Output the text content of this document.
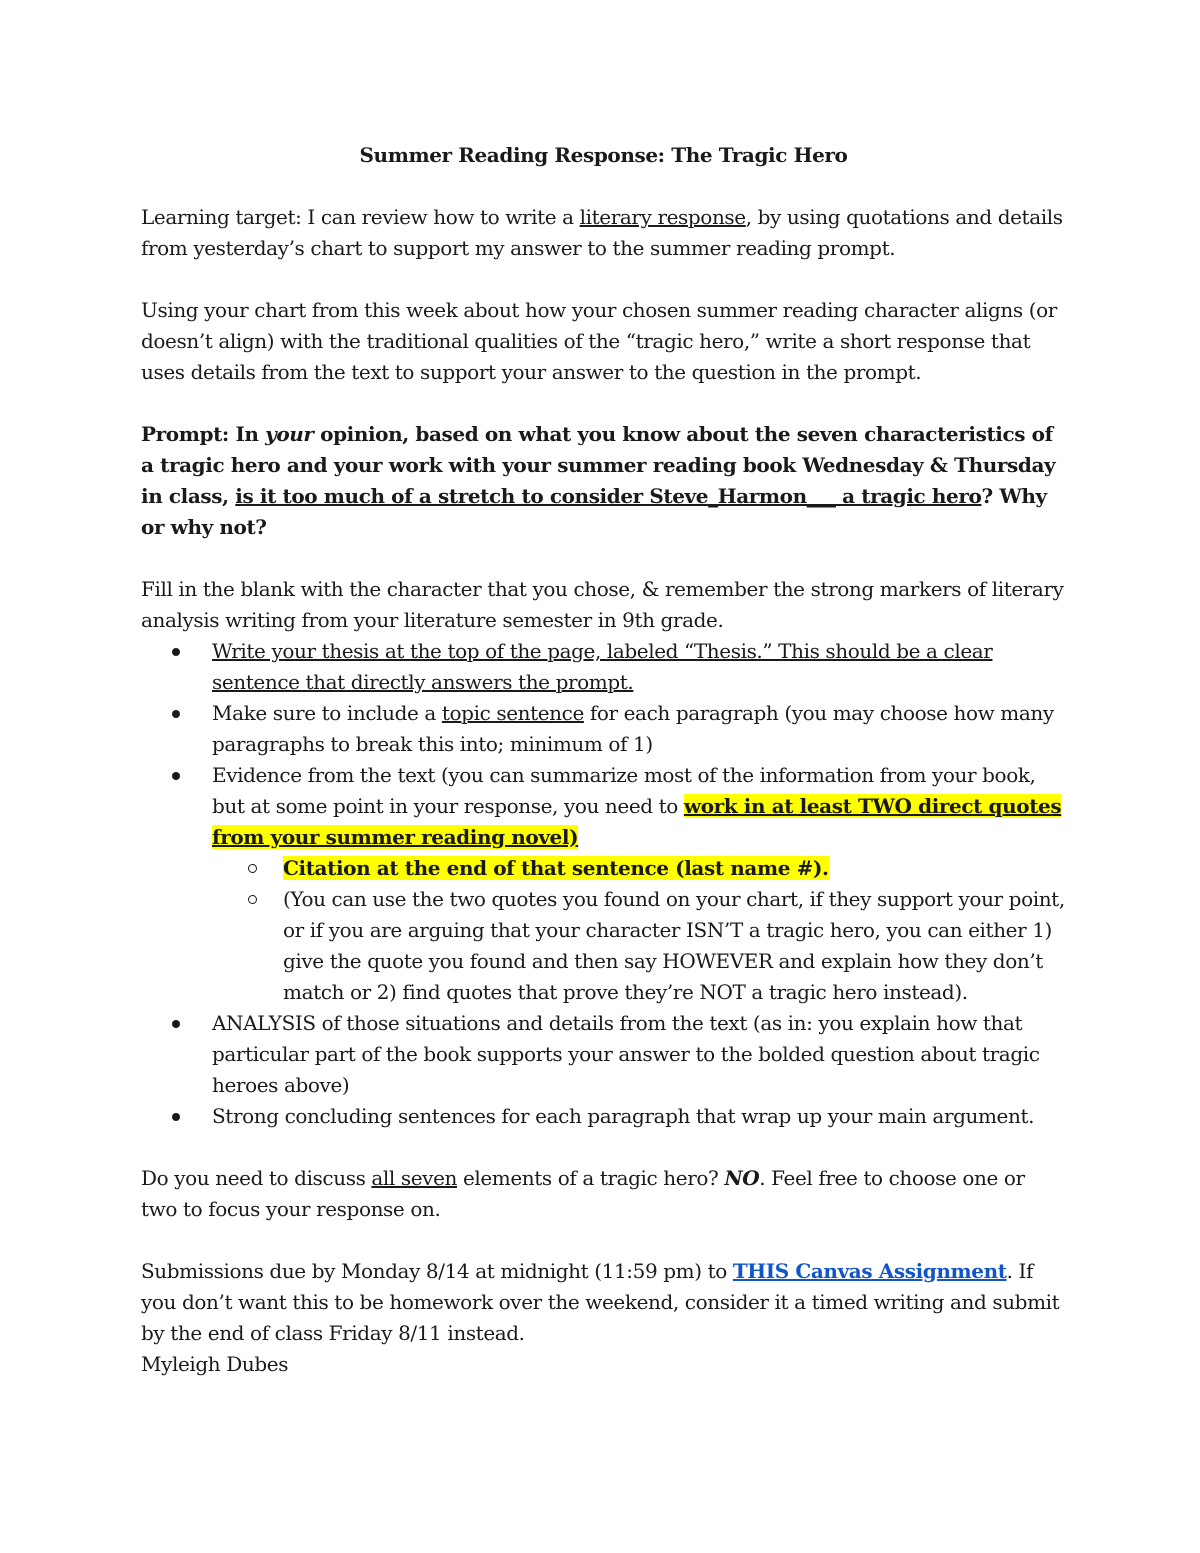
Summer Reading Response: The Tragic Hero

Learning target: I can review how to write a literary response, by using quotations and details from yesterday’s chart to support my answer to the summer reading prompt.

Using your chart from this week about how your chosen summer reading character aligns (or doesn’t align) with the traditional qualities of the “tragic hero,” write a short response that uses details from the text to support your answer to the question in the prompt.

Prompt: In your opinion, based on what you know about the seven characteristics of a tragic hero and your work with your summer reading book Wednesday & Thursday in class, is it too much of a stretch to consider Steve_Harmon___ a tragic hero? Why or why not?

Fill in the blank with the character that you chose, & remember the strong markers of literary analysis writing from your literature semester in 9th grade.

Write your thesis at the top of the page, labeled “Thesis.” This should be a clear sentence that directly answers the prompt.
Make sure to include a topic sentence for each paragraph (you may choose how many paragraphs to break this into; minimum of 1)
Evidence from the text (you can summarize most of the information from your book, but at some point in your response, you need to work in at least TWO direct quotes from your summer reading novel)
Citation at the end of that sentence (last name #).
(You can use the two quotes you found on your chart, if they support your point, or if you are arguing that your character ISN’T a tragic hero, you can either 1) give the quote you found and then say HOWEVER and explain how they don’t match or 2) find quotes that prove they’re NOT a tragic hero instead).
ANALYSIS of those situations and details from the text (as in: you explain how that particular part of the book supports your answer to the bolded question about tragic heroes above)
Strong concluding sentences for each paragraph that wrap up your main argument.

Do you need to discuss all seven elements of a tragic hero? NO. Feel free to choose one or two to focus your response on.

Submissions due by Monday 8/14 at midnight (11:59 pm) to THIS Canvas Assignment. If you don’t want this to be homework over the weekend, consider it a timed writing and submit by the end of class Friday 8/11 instead.

Myleigh Dubes
